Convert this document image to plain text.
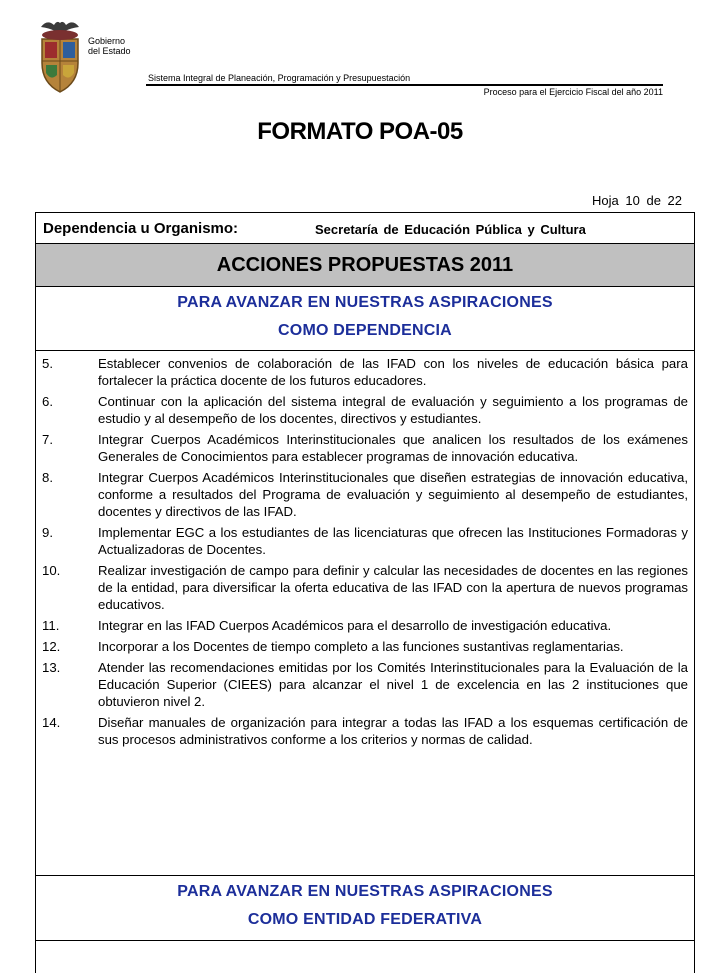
Gobierno
del Estado
Sistema Integral de Planeación, Programación y Presupuestación
Proceso para el Ejercicio Fiscal del año 2011
FORMATO POA-05
Hoja 10 de 22
Dependencia u Organismo:	Secretaría de Educación Pública y Cultura
ACCIONES PROPUESTAS 2011
PARA AVANZAR EN NUESTRAS ASPIRACIONES
COMO DEPENDENCIA
5.	Establecer convenios de colaboración de las IFAD con los niveles de educación básica para fortalecer la práctica docente de los futuros educadores.
6.	Continuar con la aplicación del sistema integral de evaluación y seguimiento a los programas de estudio y al desempeño de los docentes, directivos y estudiantes.
7.	Integrar Cuerpos Académicos Interinstitucionales que analicen los resultados de los exámenes Generales de Conocimientos para establecer programas de innovación educativa.
8.	Integrar Cuerpos Académicos Interinstitucionales que diseñen estrategias de innovación educativa, conforme a resultados del Programa de evaluación y seguimiento al desempeño de estudiantes, docentes y directivos de las IFAD.
9.	Implementar EGC a los estudiantes de las licenciaturas que ofrecen las Instituciones Formadoras y Actualizadoras de Docentes.
10.	Realizar investigación de campo para definir y calcular las necesidades de docentes en las regiones de la entidad, para diversificar la oferta educativa de las IFAD con la apertura de nuevos programas educativos.
11.	Integrar en las IFAD Cuerpos Académicos para el desarrollo de investigación educativa.
12.	Incorporar a los Docentes de tiempo completo a las funciones sustantivas reglamentarias.
13.	Atender las recomendaciones emitidas por los Comités Interinstitucionales para la Evaluación de la Educación Superior (CIEES) para alcanzar el nivel 1 de excelencia en las 2 instituciones que obtuvieron nivel 2.
14.	Diseñar manuales de organización para integrar a todas las IFAD a los esquemas certificación de sus procesos administrativos conforme a los criterios y normas de calidad.
PARA AVANZAR EN NUESTRAS ASPIRACIONES
COMO ENTIDAD FEDERATIVA
